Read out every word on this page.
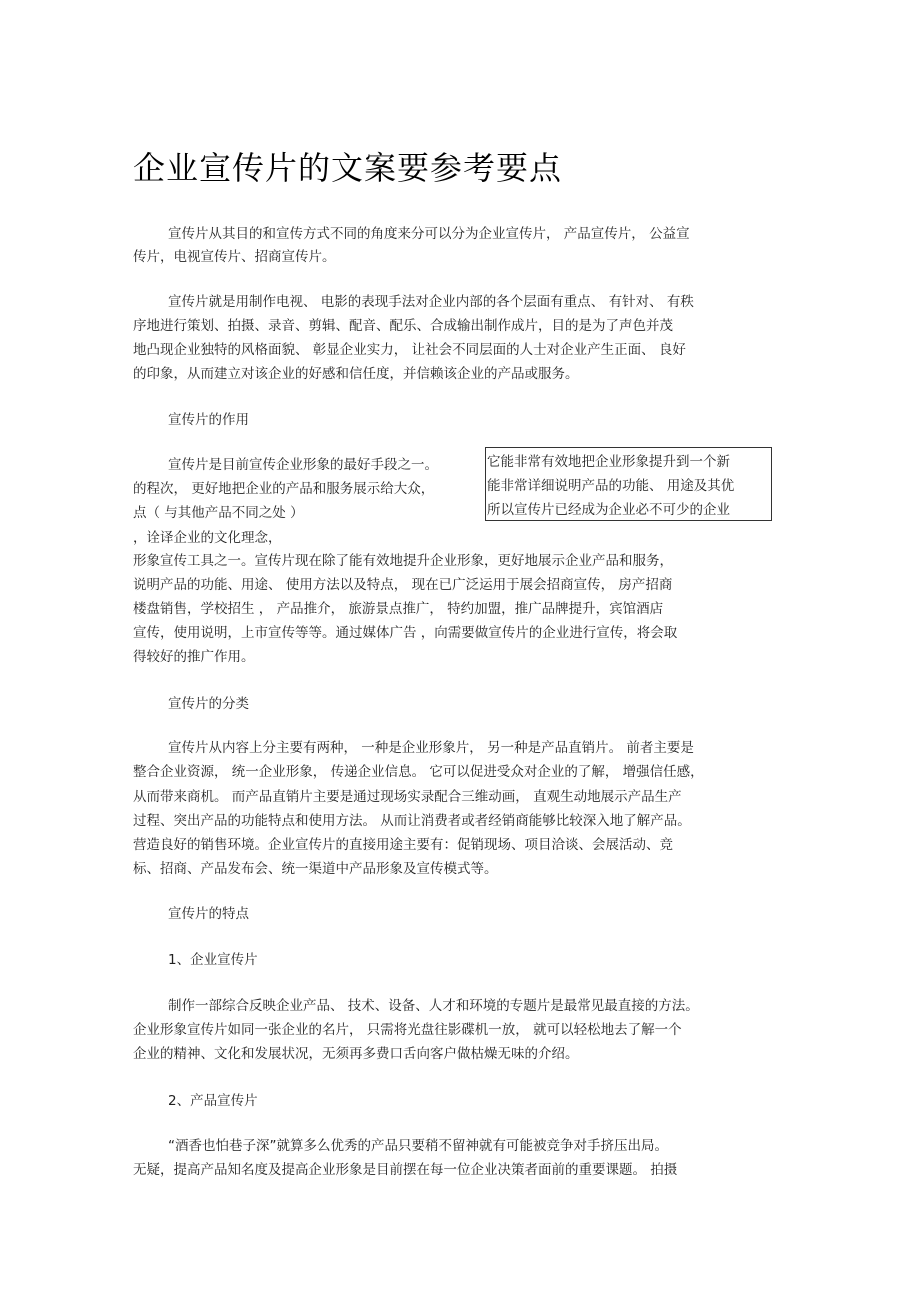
企业宣传片的文案要参考要点
宣传片从其目的和宣传方式不同的角度来分可以分为企业宣传片， 产品宣传片， 公益宣
传片，电视宣传片、招商宣传片。
宣传片就是用制作电视、 电影的表现手法对企业内部的各个层面有重点、 有针对、 有秩
序地进行策划、拍摄、录音、剪辑、配音、配乐、合成输出制作成片，目的是为了声色并茂
地凸现企业独特的风格面貌、 彰显企业实力， 让社会不同层面的人士对企业产生正面、 良好
的印象，从而建立对该企业的好感和信任度，并信赖该企业的产品或服务。
宣传片的作用
宣传片是目前宣传企业形象的最好手段之一。
的程次， 更好地把企业的产品和服务展示给大众，
点（ 与其他产品不同之处 ）
，诠译企业的文化理念，
它能非常有效地把企业形象提升到一个新
能非常详细说明产品的功能、 用途及其优
所以宣传片已经成为企业必不可少的企业
形象宣传工具之一。宣传片现在除了能有效地提升企业形象，更好地展示企业产品和服务，
说明产品的功能、用途、 使用方法以及特点， 现在已广泛运用于展会招商宣传， 房产招商
楼盘销售，学校招生 ， 产品推介， 旅游景点推广， 特约加盟，推广品牌提升，宾馆酒店
宣传，使用说明，上市宣传等等。通过媒体广告 ，向需要做宣传片的企业进行宣传，将会取
得较好的推广作用。
宣传片的分类
宣传片从内容上分主要有两种， 一种是企业形象片， 另一种是产品直销片。 前者主要是
整合企业资源， 统一企业形象， 传递企业信息。 它可以促进受众对企业的了解， 增强信任感，
从而带来商机。 而产品直销片主要是通过现场实录配合三维动画， 直观生动地展示产品生产
过程、突出产品的功能特点和使用方法。 从而让消费者或者经销商能够比较深入地了解产品。
营造良好的销售环境。企业宣传片的直接用途主要有：促销现场、项目洽谈、会展活动、竞
标、招商、产品发布会、统一渠道中产品形象及宣传模式等。
宣传片的特点
1、企业宣传片
制作一部综合反映企业产品、 技术、设备、人才和环境的专题片是最常见最直接的方法。
企业形象宣传片如同一张企业的名片， 只需将光盘往影碟机一放， 就可以轻松地去了解一个
企业的精神、文化和发展状况，无须再多费口舌向客户做枯燥无味的介绍。
2、产品宣传片
“酒香也怕巷子深”就算多么优秀的产品只要稍不留神就有可能被竞争对手挤压出局。
无疑，提高产品知名度及提高企业形象是目前摆在每一位企业决策者面前的重要课题。 拍摄
